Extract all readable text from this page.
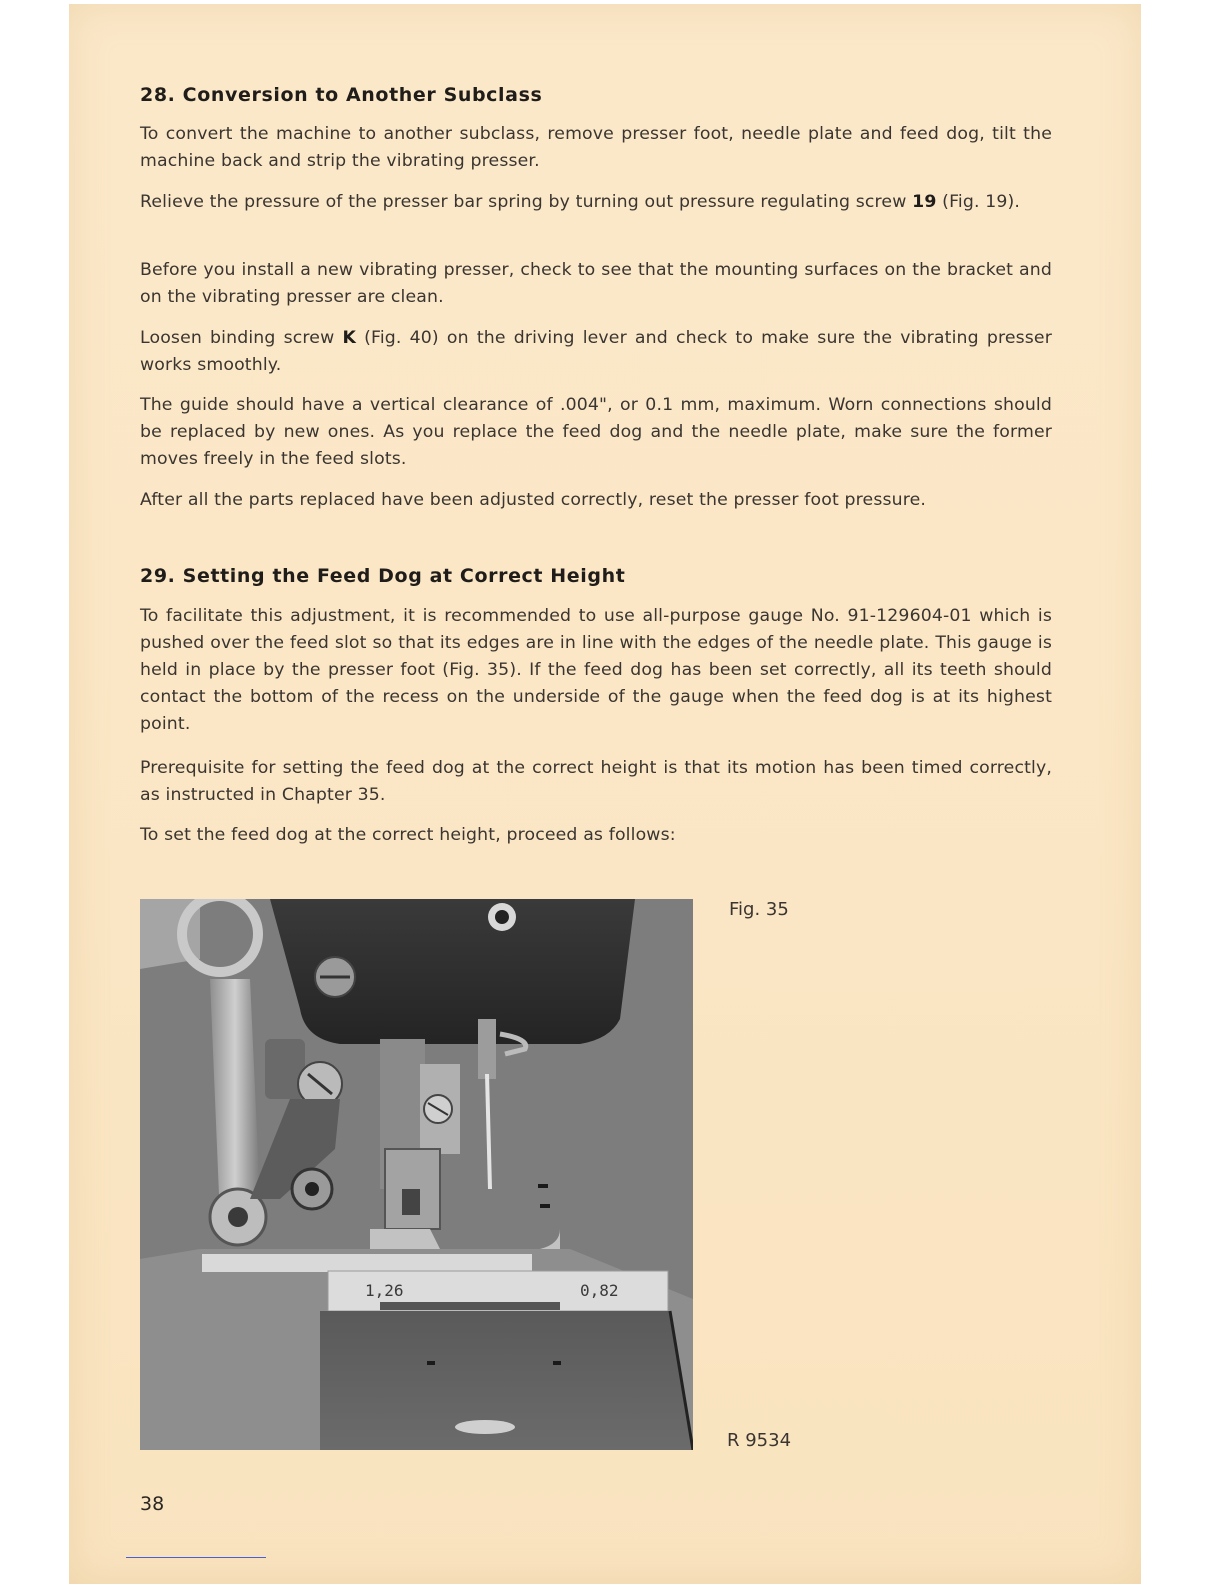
28. Conversion to Another Subclass

To convert the machine to another subclass, remove presser foot, needle plate and feed dog, tilt the machine back and strip the vibrating presser.

Relieve the pressure of the presser bar spring by turning out pressure regulating screw 19 (Fig. 19).

Before you install a new vibrating presser, check to see that the mounting surfaces on the bracket and on the vibrating presser are clean.

Loosen binding screw K (Fig. 40) on the driving lever and check to make sure the vibrating presser works smoothly.

The guide should have a vertical clearance of .004", or 0.1 mm, maximum. Worn connections should be replaced by new ones. As you replace the feed dog and the needle plate, make sure the former moves freely in the feed slots.

After all the parts replaced have been adjusted correctly, reset the presser foot pressure.

29. Setting the Feed Dog at Correct Height

To facilitate this adjustment, it is recommended to use all-purpose gauge No. 91-129604-01 which is pushed over the feed slot so that its edges are in line with the edges of the needle plate. This gauge is held in place by the presser foot (Fig. 35). If the feed dog has been set correctly, all its teeth should contact the bottom of the recess on the underside of the gauge when the feed dog is at its highest point.

Prerequisite for setting the feed dog at the correct height is that its motion has been timed correctly, as instructed in Chapter 35.

To set the feed dog at the correct height, proceed as follows:

1,26	0,82
Fig. 35
R 9534
38
